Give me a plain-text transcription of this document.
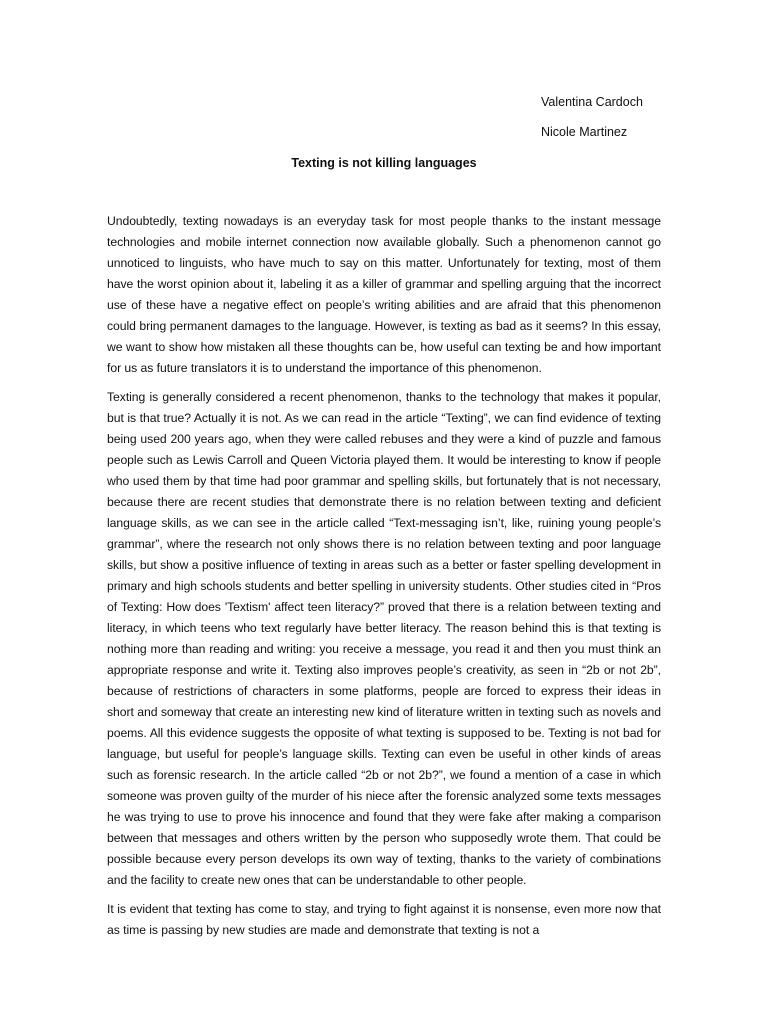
Valentina Cardoch
Nicole Martinez
Texting is not killing languages

Undoubtedly, texting nowadays is an everyday task for most people thanks to the instant message technologies and mobile internet connection now available globally. Such a phenomenon cannot go unnoticed to linguists, who have much to say on this matter. Unfortunately for texting, most of them have the worst opinion about it, labeling it as a killer of grammar and spelling arguing that the incorrect use of these have a negative effect on people’s writing abilities and are afraid that this phenomenon could bring permanent damages to the language. However, is texting as bad as it seems? In this essay, we want to show how mistaken all these thoughts can be, how useful can texting be and how important for us as future translators it is to understand the importance of this phenomenon.

Texting is generally considered a recent phenomenon, thanks to the technology that makes it popular, but is that true? Actually it is not. As we can read in the article “Texting”, we can find evidence of texting being used 200 years ago, when they were called rebuses and they were a kind of puzzle and famous people such as Lewis Carroll and Queen Victoria played them. It would be interesting to know if people who used them by that time had poor grammar and spelling skills, but fortunately that is not necessary, because there are recent studies that demonstrate there is no relation between texting and deficient language skills, as we can see in the article called “Text-messaging isn’t, like, ruining young people’s grammar”, where the research not only shows there is no relation between texting and poor language skills, but show a positive influence of texting in areas such as a better or faster spelling development in primary and high schools students and better spelling in university students. Other studies cited in “Pros of Texting: How does 'Textism' affect teen literacy?” proved that there is a relation between texting and literacy, in which teens who text regularly have better literacy. The reason behind this is that texting is nothing more than reading and writing: you receive a message, you read it and then you must think an appropriate response and write it. Texting also improves people’s creativity, as seen in “2b or not 2b”, because of restrictions of characters in some platforms, people are forced to express their ideas in short and someway that create an interesting new kind of literature written in texting such as novels and poems. All this evidence suggests the opposite of what texting is supposed to be. Texting is not bad for language, but useful for people’s language skills. Texting can even be useful in other kinds of areas such as forensic research. In the article called “2b or not 2b?”, we found a mention of a case in which someone was proven guilty of the murder of his niece after the forensic analyzed some texts messages he was trying to use to prove his innocence and found that they were fake after making a comparison between that messages and others written by the person who supposedly wrote them. That could be possible because every person develops its own way of texting, thanks to the variety of combinations and the facility to create new ones that can be understandable to other people.

It is evident that texting has come to stay, and trying to fight against it is nonsense, even more now that as time is passing by new studies are made and demonstrate that texting is not a
